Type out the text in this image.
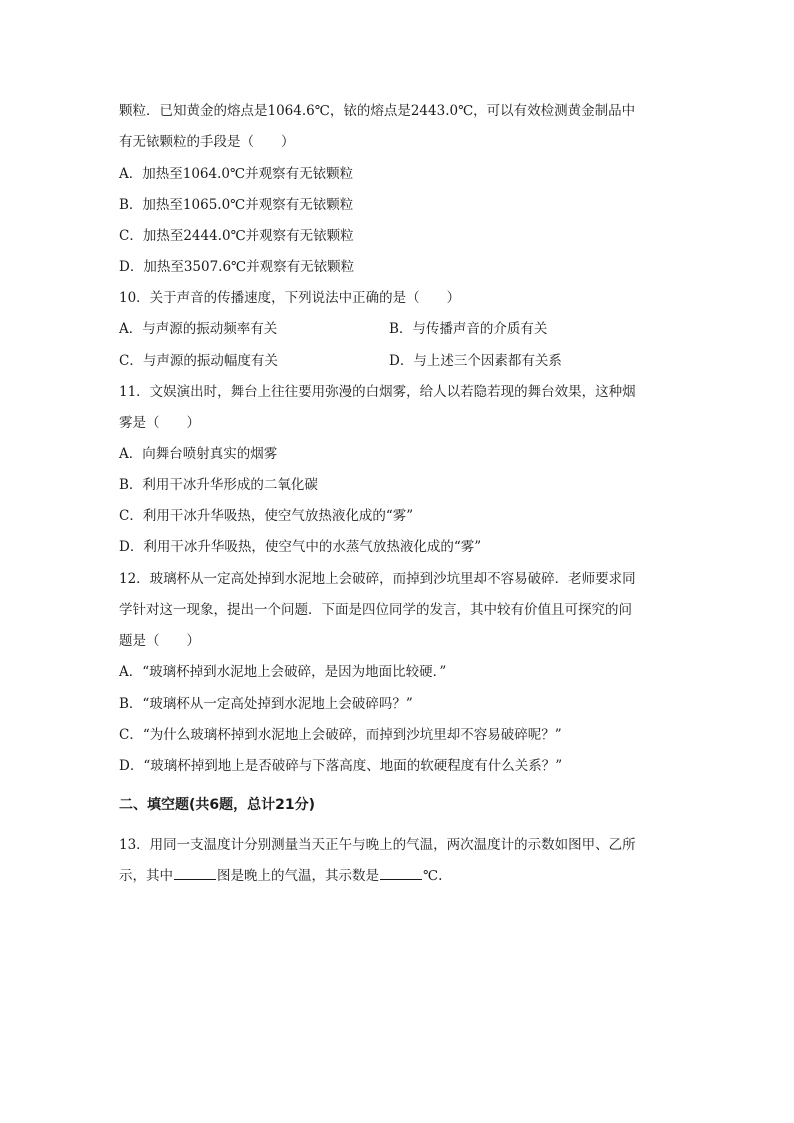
颗粒．已知黄金的熔点是1064.6℃，铱的熔点是2443.0℃，可以有效检测黄金制品中
有无铱颗粒的手段是（　　）
A．加热至1064.0℃并观察有无铱颗粒
B．加热至1065.0℃并观察有无铱颗粒
C．加热至2444.0℃并观察有无铱颗粒
D．加热至3507.6℃并观察有无铱颗粒
10．关于声音的传播速度，下列说法中正确的是（　　）
A．与声源的振动频率有关	B．与传播声音的介质有关
C．与声源的振动幅度有关	D．与上述三个因素都有关系
11．文娱演出时，舞台上往往要用弥漫的白烟雾，给人以若隐若现的舞台效果，这种烟
雾是（　　）
A．向舞台喷射真实的烟雾
B．利用干冰升华形成的二氧化碳
C．利用干冰升华吸热，使空气放热液化成的“雾”
D．利用干冰升华吸热，使空气中的水蒸气放热液化成的“雾”
12．玻璃杯从一定高处掉到水泥地上会破碎，而掉到沙坑里却不容易破碎．老师要求同
学针对这一现象，提出一个问题．下面是四位同学的发言，其中较有价值且可探究的问
题是（　　）
A．“玻璃杯掉到水泥地上会破碎，是因为地面比较硬．”
B．“玻璃杯从一定高处掉到水泥地上会破碎吗？”
C．“为什么玻璃杯掉到水泥地上会破碎，而掉到沙坑里却不容易破碎呢？”
D．“玻璃杯掉到地上是否破碎与下落高度、地面的软硬程度有什么关系？”
二、填空题(共6题，总计21分)
13．用同一支温度计分别测量当天正午与晚上的气温，两次温度计的示数如图甲、乙所
示，其中	图是晚上的气温，其示数是	℃.
